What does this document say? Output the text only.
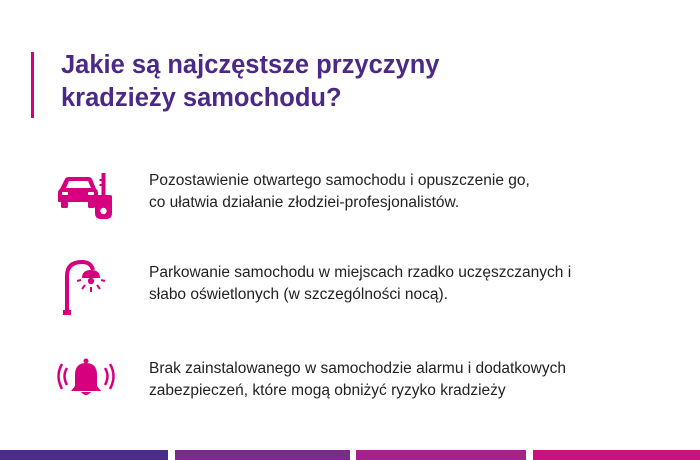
Jakie są najczęstsze przyczyny
kradzieży samochodu?
Pozostawienie otwartego samochodu i opuszczenie go,
co ułatwia działanie złodziei-profesjonalistów.
Parkowanie samochodu w miejscach rzadko uczęszczanych i
słabo oświetlonych (w szczególności nocą).
Brak zainstalowanego w samochodzie alarmu i dodatkowych
zabezpieczeń, które mogą obniżyć ryzyko kradzieży
